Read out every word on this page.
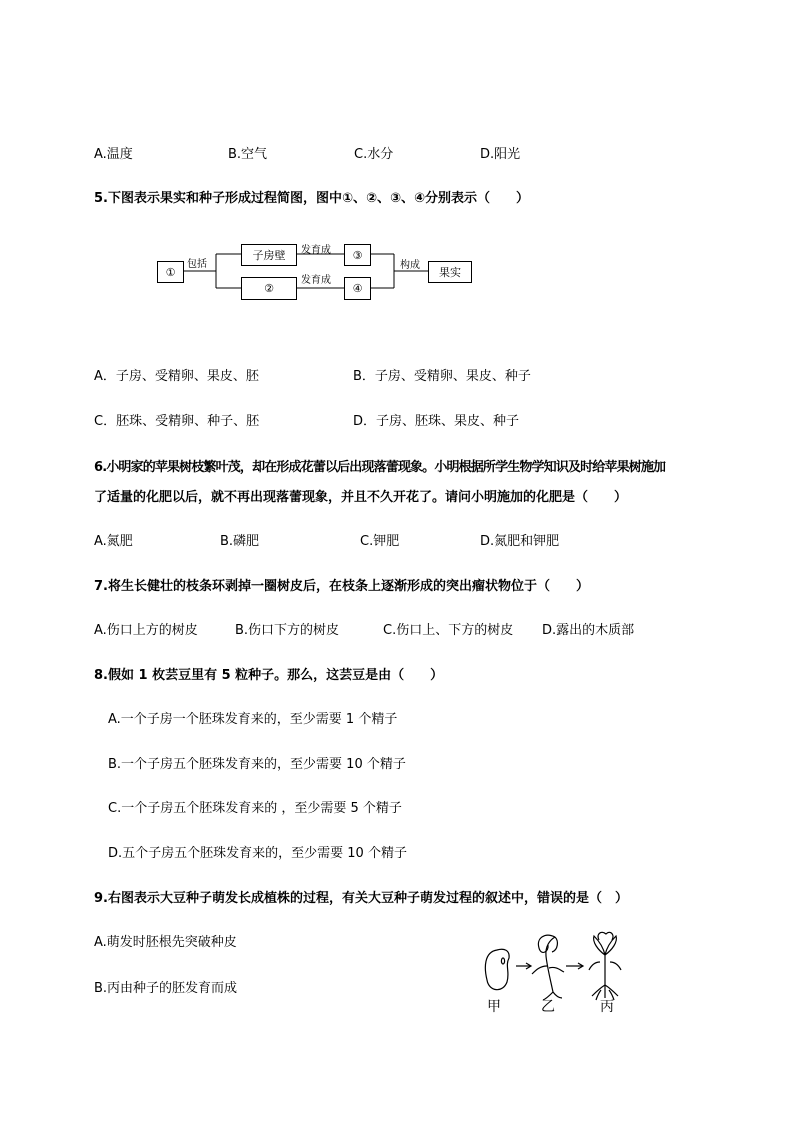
A.温度	B.空气	C.水分	D.阳光
5.下图表示果实和种子形成过程简图，图中①、②、③、④分别表示（　　）
①
包括
子房壁
②
发育成
发育成
③
④
构成
果实
A．子房、受精卵、果皮、胚	B．子房、受精卵、果皮、种子
C．胚珠、受精卵、种子、胚	D．子房、胚珠、果皮、种子
6.小明家的苹果树枝繁叶茂，却在形成花蕾以后出现落蕾现象。小明根据所学生物学知识及时给苹果树施加
了适量的化肥以后，就不再出现落蕾现象，并且不久开花了。请问小明施加的化肥是（　　）
A.氮肥	B.磷肥	C.钾肥	D.氮肥和钾肥
7.将生长健壮的枝条环剥掉一圈树皮后，在枝条上逐渐形成的突出瘤状物位于（　　）
A.伤口上方的树皮	B.伤口下方的树皮	C.伤口上、下方的树皮 D.露出的木质部
8.假如 1 枚芸豆里有 5 粒种子。那么，这芸豆是由（　　）
A.一个子房一个胚珠发育来的，至少需要 1 个精子
B.一个子房五个胚珠发育来的，至少需要 10 个精子
C.一个子房五个胚珠发育来的 ，至少需要 5 个精子
D.五个子房五个胚珠发育来的，至少需要 10 个精子
9.右图表示大豆种子萌发长成植株的过程，有关大豆种子萌发过程的叙述中，错误的是（　）
A.萌发时胚根先突破种皮
B.丙由种子的胚发育而成
甲	乙	丙
